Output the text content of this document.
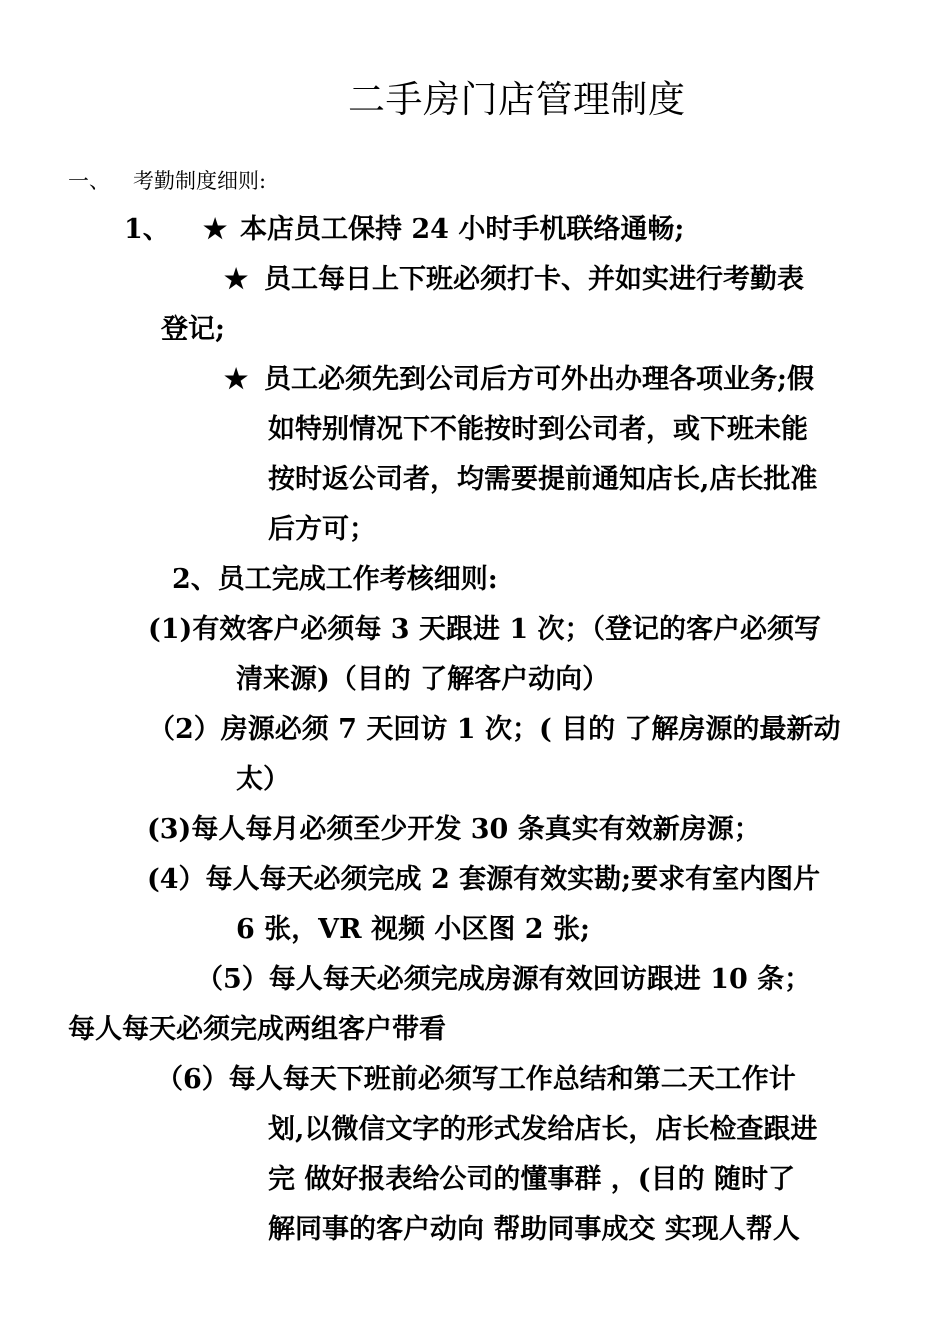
二手房门店管理制度
一、 考勤制度细则:
1、 ★ 本店员工保持 24 小时手机联络通畅;
★ 员工每日上下班必须打卡、并如实进行考勤表
登记;
★ 员工必须先到公司后方可外出办理各项业务;假
如特别情况下不能按时到公司者，或下班未能
按时返公司者，均需要提前通知店长,店长批准
后方可；
2、员工完成工作考核细则:
(1)有效客户必须每 3 天跟进 1 次；（登记的客户必须写
清来源)（目的 了解客户动向）
（2）房源必须 7 天回访 1 次；( 目的 了解房源的最新动
太）
(3)每人每月必须至少开发 30 条真实有效新房源；
(4）每人每天必须完成 2 套源有效实勘;要求有室内图片
6 张，VR 视频 小区图 2 张;
（5）每人每天必须完成房源有效回访跟进 10 条；
每人每天必须完成两组客户带看
（6）每人每天下班前必须写工作总结和第二天工作计
划,以微信文字的形式发给店长，店长检查跟进
完 做好报表给公司的懂事群 ，(目的 随时了
解同事的客户动向 帮助同事成交 实现人帮人
